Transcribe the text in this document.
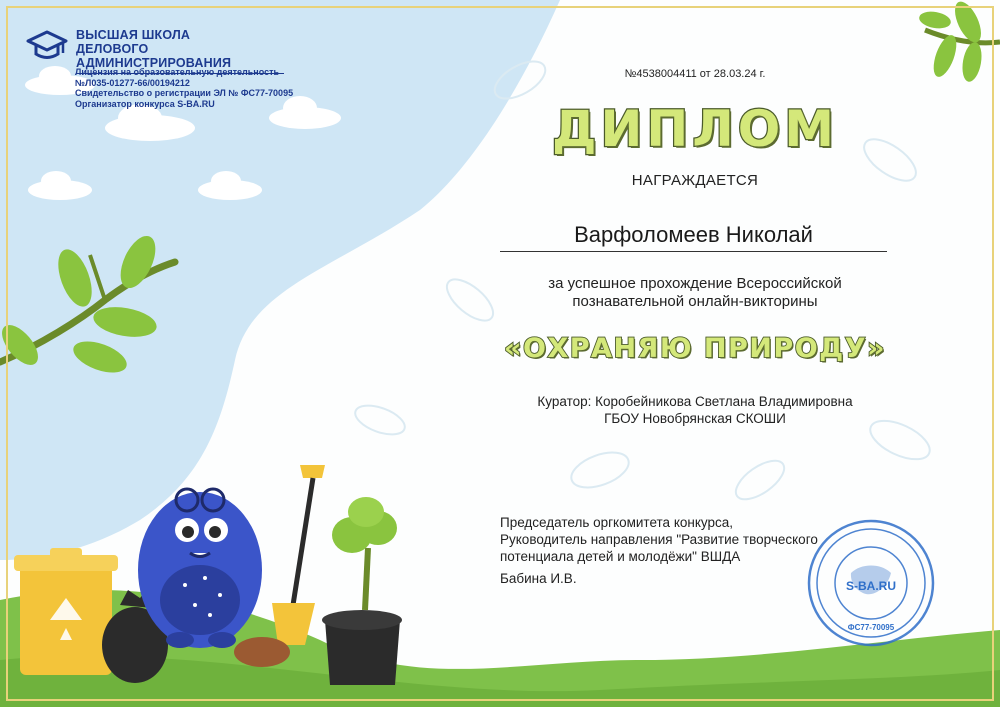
ВЫСШАЯ ШКОЛА
ДЕЛОВОГО АДМИНИСТРИРОВАНИЯ
Лицензия на образовательную деятельность
№Л035-01277-66/00194212
Свидетельство о регистрации ЭЛ № ФС77-70095
Организатор конкурса S-BA.RU
№4538004411 от 28.03.24 г.
ДИПЛОМ
НАГРАЖДАЕТСЯ
Варфоломеев Николай
за успешное прохождение Всероссийской
познавательной онлайн-викторины
«ОХРАНЯЮ ПРИРОДУ»
Куратор: Коробейникова Светлана Владимировна
ГБОУ Новобрянская СКОШИ
Председатель оргкомитета конкурса,
Руководитель направления "Развитие творческого
потенциала детей и молодёжи" ВШДА
Бабина И.В.	S-BA.RU
ФС77-70095
